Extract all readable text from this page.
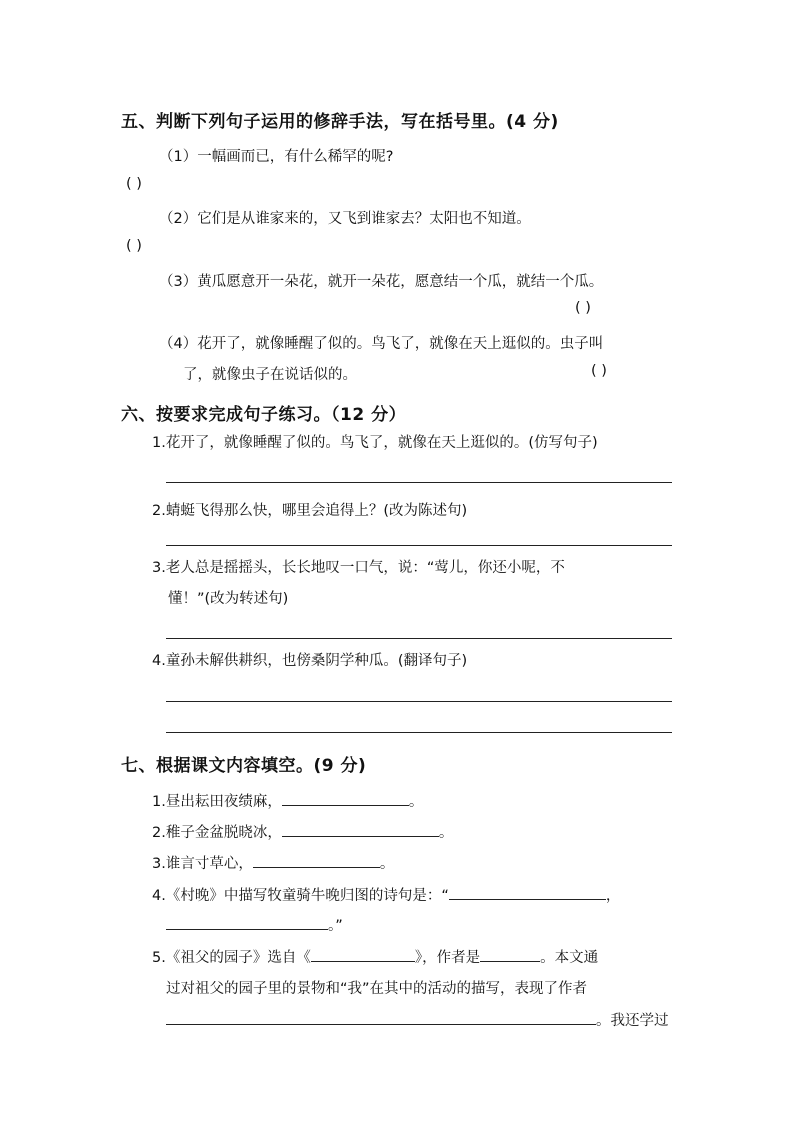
五、判断下列句子运用的修辞手法，写在括号里。(4 分)
（1）一幅画而已，有什么稀罕的呢?
( )
（2）它们是从谁家来的，又飞到谁家去？太阳也不知道。
( )
（3）黄瓜愿意开一朵花，就开一朵花，愿意结一个瓜，就结一个瓜。
( )
（4）花开了，就像睡醒了似的。鸟飞了，就像在天上逛似的。虫子叫
了，就像虫子在说话似的。	( )
六、按要求完成句子练习。（12 分）
1.花开了，就像睡醒了似的。鸟飞了，就像在天上逛似的。(仿写句子)
2.蜻蜓飞得那么快，哪里会追得上？(改为陈述句)
3.老人总是摇摇头，长长地叹一口气，说：“莺儿，你还小呢，不
懂！”(改为转述句)
4.童孙未解供耕织，也傍桑阴学种瓜。(翻译句子)
七、根据课文内容填空。(9 分)
1.昼出耘田夜绩麻，	。
2.稚子金盆脱晓冰，	。
3.谁言寸草心，	。
4.《村晚》中描写牧童骑牛晚归图的诗句是：“	，
。”
5.《祖父的园子》选自《	》，作者是	。本文通
过对祖父的园子里的景物和“我”在其中的活动的描写，表现了作者
。我还学过
